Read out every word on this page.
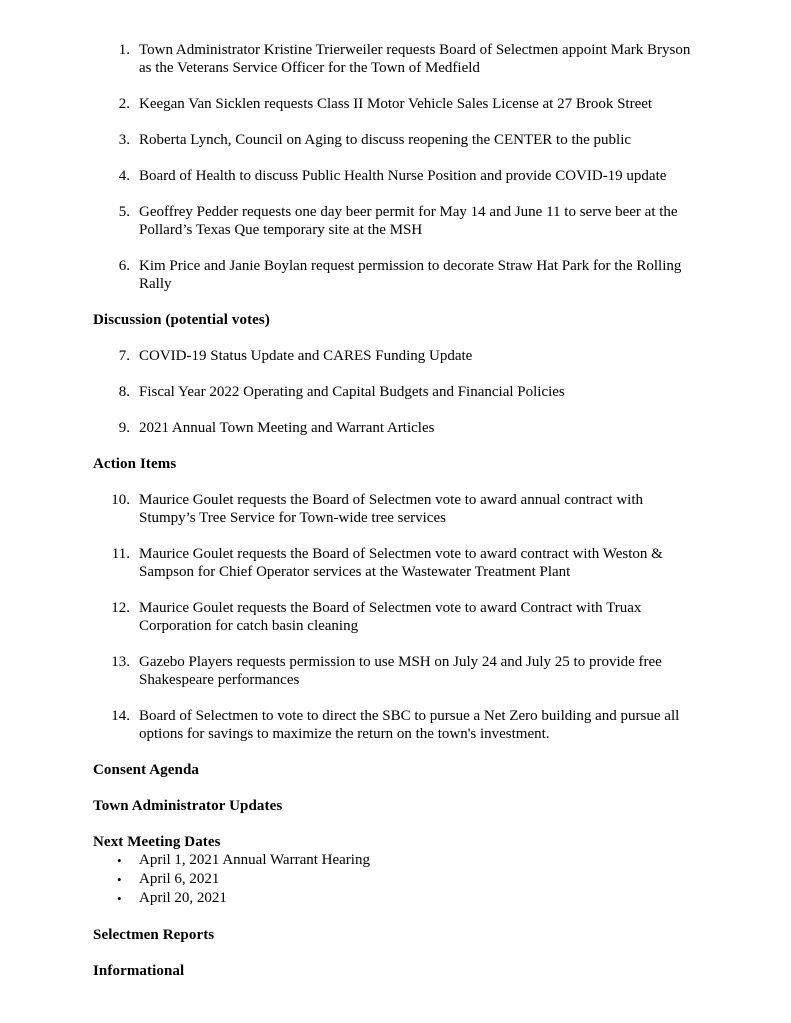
1. Town Administrator Kristine Trierweiler requests Board of Selectmen appoint Mark Bryson as the Veterans Service Officer for the Town of Medfield
2. Keegan Van Sicklen requests Class II Motor Vehicle Sales License at 27 Brook Street
3. Roberta Lynch, Council on Aging to discuss reopening the CENTER to the public
4. Board of Health to discuss Public Health Nurse Position and provide COVID-19 update
5. Geoffrey Pedder requests one day beer permit for May 14 and June 11 to serve beer at the Pollard’s Texas Que temporary site at the MSH
6. Kim Price and Janie Boylan request permission to decorate Straw Hat Park for the Rolling Rally
Discussion (potential votes)
7. COVID-19 Status Update and CARES Funding Update
8. Fiscal Year 2022 Operating and Capital Budgets and Financial Policies
9. 2021 Annual Town Meeting and Warrant Articles
Action Items
10. Maurice Goulet requests the Board of Selectmen vote to award annual contract with Stumpy’s Tree Service for Town-wide tree services
11. Maurice Goulet requests the Board of Selectmen vote to award contract with Weston & Sampson for Chief Operator services at the Wastewater Treatment Plant
12. Maurice Goulet requests the Board of Selectmen vote to award Contract with Truax Corporation for catch basin cleaning
13. Gazebo Players requests permission to use MSH on July 24 and July 25 to provide free Shakespeare performances
14. Board of Selectmen to vote to direct the SBC to pursue a Net Zero building and pursue all options for savings to maximize the return on the town's investment.
Consent Agenda
Town Administrator Updates
Next Meeting Dates
• April 1, 2021 Annual Warrant Hearing
• April 6, 2021
• April 20, 2021
Selectmen Reports
Informational
